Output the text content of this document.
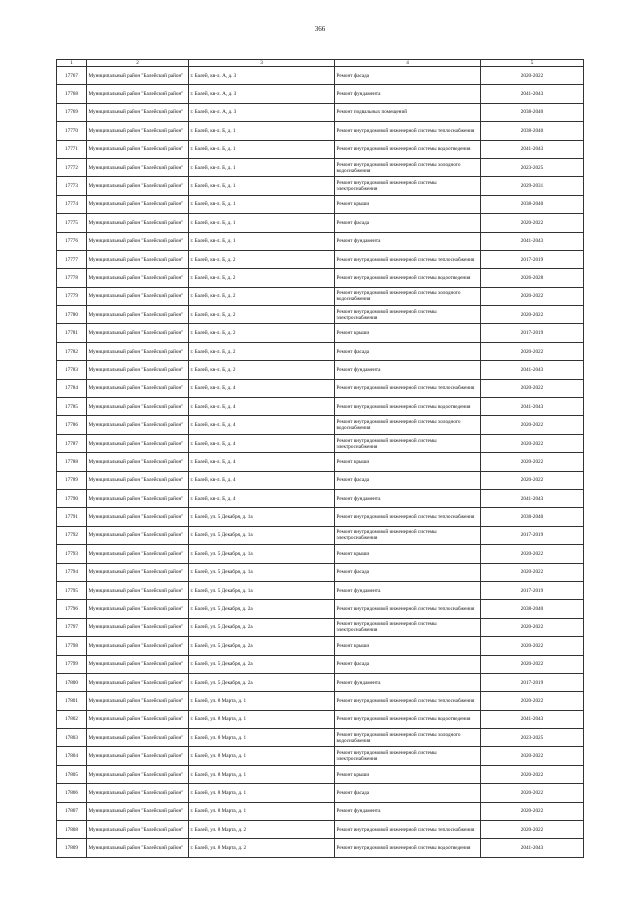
366
1	2	3	4	5
17767	Муниципальный район "Балейский район"	г. Балей, кв-л. А, д. 3	Ремонт фасада	2020-2022
17768	Муниципальный район "Балейский район"	г. Балей, кв-л. А, д. 3	Ремонт фундамента	2041-2043
17769	Муниципальный район "Балейский район"	г. Балей, кв-л. А, д. 3	Ремонт подвальных помещений	2038-2040
17770	Муниципальный район "Балейский район"	г. Балей, кв-л. Б, д. 1	Ремонт внутридомовой инженерной системы теплоснабжения	2038-2040
17771	Муниципальный район "Балейский район"	г. Балей, кв-л. Б, д. 1	Ремонт внутридомовой инженерной системы водоотведения	2041-2043
17772	Муниципальный район "Балейский район"	г. Балей, кв-л. Б, д. 1	Ремонт внутридомовой инженерной системы холодного водоснабжения	2023-2025
17773	Муниципальный район "Балейский район"	г. Балей, кв-л. Б, д. 1	Ремонт внутридомовой инженерной системы электроснабжения	2029-2031
17774	Муниципальный район "Балейский район"	г. Балей, кв-л. Б, д. 1	Ремонт крыши	2038-2040
17775	Муниципальный район "Балейский район"	г. Балей, кв-л. Б, д. 1	Ремонт фасада	2020-2022
17776	Муниципальный район "Балейский район"	г. Балей, кв-л. Б, д. 1	Ремонт фундамента	2041-2043
17777	Муниципальный район "Балейский район"	г. Балей, кв-л. Б, д. 2	Ремонт внутридомовой инженерной системы теплоснабжения	2017-2019
17778	Муниципальный район "Балейский район"	г. Балей, кв-л. Б, д. 2	Ремонт внутридомовой инженерной системы водоотведения	2026-2028
17779	Муниципальный район "Балейский район"	г. Балей, кв-л. Б, д. 2	Ремонт внутридомовой инженерной системы холодного водоснабжения	2020-2022
17780	Муниципальный район "Балейский район"	г. Балей, кв-л. Б, д. 2	Ремонт внутридомовой инженерной системы электроснабжения	2020-2022
17781	Муниципальный район "Балейский район"	г. Балей, кв-л. Б, д. 2	Ремонт крыши	2017-2019
17782	Муниципальный район "Балейский район"	г. Балей, кв-л. Б, д. 2	Ремонт фасада	2020-2022
17783	Муниципальный район "Балейский район"	г. Балей, кв-л. Б, д. 2	Ремонт фундамента	2041-2043
17784	Муниципальный район "Балейский район"	г. Балей, кв-л. Б, д. 4	Ремонт внутридомовой инженерной системы теплоснабжения	2020-2022
17785	Муниципальный район "Балейский район"	г. Балей, кв-л. Б, д. 4	Ремонт внутридомовой инженерной системы водоотведения	2041-2043
17786	Муниципальный район "Балейский район"	г. Балей, кв-л. Б, д. 4	Ремонт внутридомовой инженерной системы холодного водоснабжения	2020-2022
17787	Муниципальный район "Балейский район"	г. Балей, кв-л. Б, д. 4	Ремонт внутридомовой инженерной системы электроснабжения	2020-2022
17788	Муниципальный район "Балейский район"	г. Балей, кв-л. Б, д. 4	Ремонт крыши	2020-2022
17789	Муниципальный район "Балейский район"	г. Балей, кв-л. Б, д. 4	Ремонт фасада	2020-2022
17790	Муниципальный район "Балейский район"	г. Балей, кв-л. Б, д. 4	Ремонт фундамента	2041-2043
17791	Муниципальный район "Балейский район"	г. Балей, ул. 5 Декабря, д. 1а	Ремонт внутридомовой инженерной системы теплоснабжения	2038-2040
17792	Муниципальный район "Балейский район"	г. Балей, ул. 5 Декабря, д. 1а	Ремонт внутридомовой инженерной системы электроснабжения	2017-2019
17793	Муниципальный район "Балейский район"	г. Балей, ул. 5 Декабря, д. 1а	Ремонт крыши	2020-2022
17794	Муниципальный район "Балейский район"	г. Балей, ул. 5 Декабря, д. 1а	Ремонт фасада	2020-2022
17795	Муниципальный район "Балейский район"	г. Балей, ул. 5 Декабря, д. 1а	Ремонт фундамента	2017-2019
17796	Муниципальный район "Балейский район"	г. Балей, ул. 5 Декабря, д. 2а	Ремонт внутридомовой инженерной системы теплоснабжения	2038-2040
17797	Муниципальный район "Балейский район"	г. Балей, ул. 5 Декабря, д. 2а	Ремонт внутридомовой инженерной системы электроснабжения	2020-2022
17798	Муниципальный район "Балейский район"	г. Балей, ул. 5 Декабря, д. 2а	Ремонт крыши	2020-2022
17799	Муниципальный район "Балейский район"	г. Балей, ул. 5 Декабря, д. 2а	Ремонт фасада	2020-2022
17800	Муниципальный район "Балейский район"	г. Балей, ул. 5 Декабря, д. 2а	Ремонт фундамента	2017-2019
17801	Муниципальный район "Балейский район"	г. Балей, ул. 8 Марта, д. 1	Ремонт внутридомовой инженерной системы теплоснабжения	2020-2022
17802	Муниципальный район "Балейский район"	г. Балей, ул. 8 Марта, д. 1	Ремонт внутридомовой инженерной системы водоотведения	2041-2043
17803	Муниципальный район "Балейский район"	г. Балей, ул. 8 Марта, д. 1	Ремонт внутридомовой инженерной системы холодного водоснабжения	2023-2025
17804	Муниципальный район "Балейский район"	г. Балей, ул. 8 Марта, д. 1	Ремонт внутридомовой инженерной системы электроснабжения	2020-2022
17805	Муниципальный район "Балейский район"	г. Балей, ул. 8 Марта, д. 1	Ремонт крыши	2020-2022
17806	Муниципальный район "Балейский район"	г. Балей, ул. 8 Марта, д. 1	Ремонт фасада	2020-2022
17807	Муниципальный район "Балейский район"	г. Балей, ул. 8 Марта, д. 1	Ремонт фундамента	2020-2022
17808	Муниципальный район "Балейский район"	г. Балей, ул. 8 Марта, д. 2	Ремонт внутридомовой инженерной системы теплоснабжения	2020-2022
17809	Муниципальный район "Балейский район"	г. Балей, ул. 8 Марта, д. 2	Ремонт внутридомовой инженерной системы водоотведения	2041-2043
